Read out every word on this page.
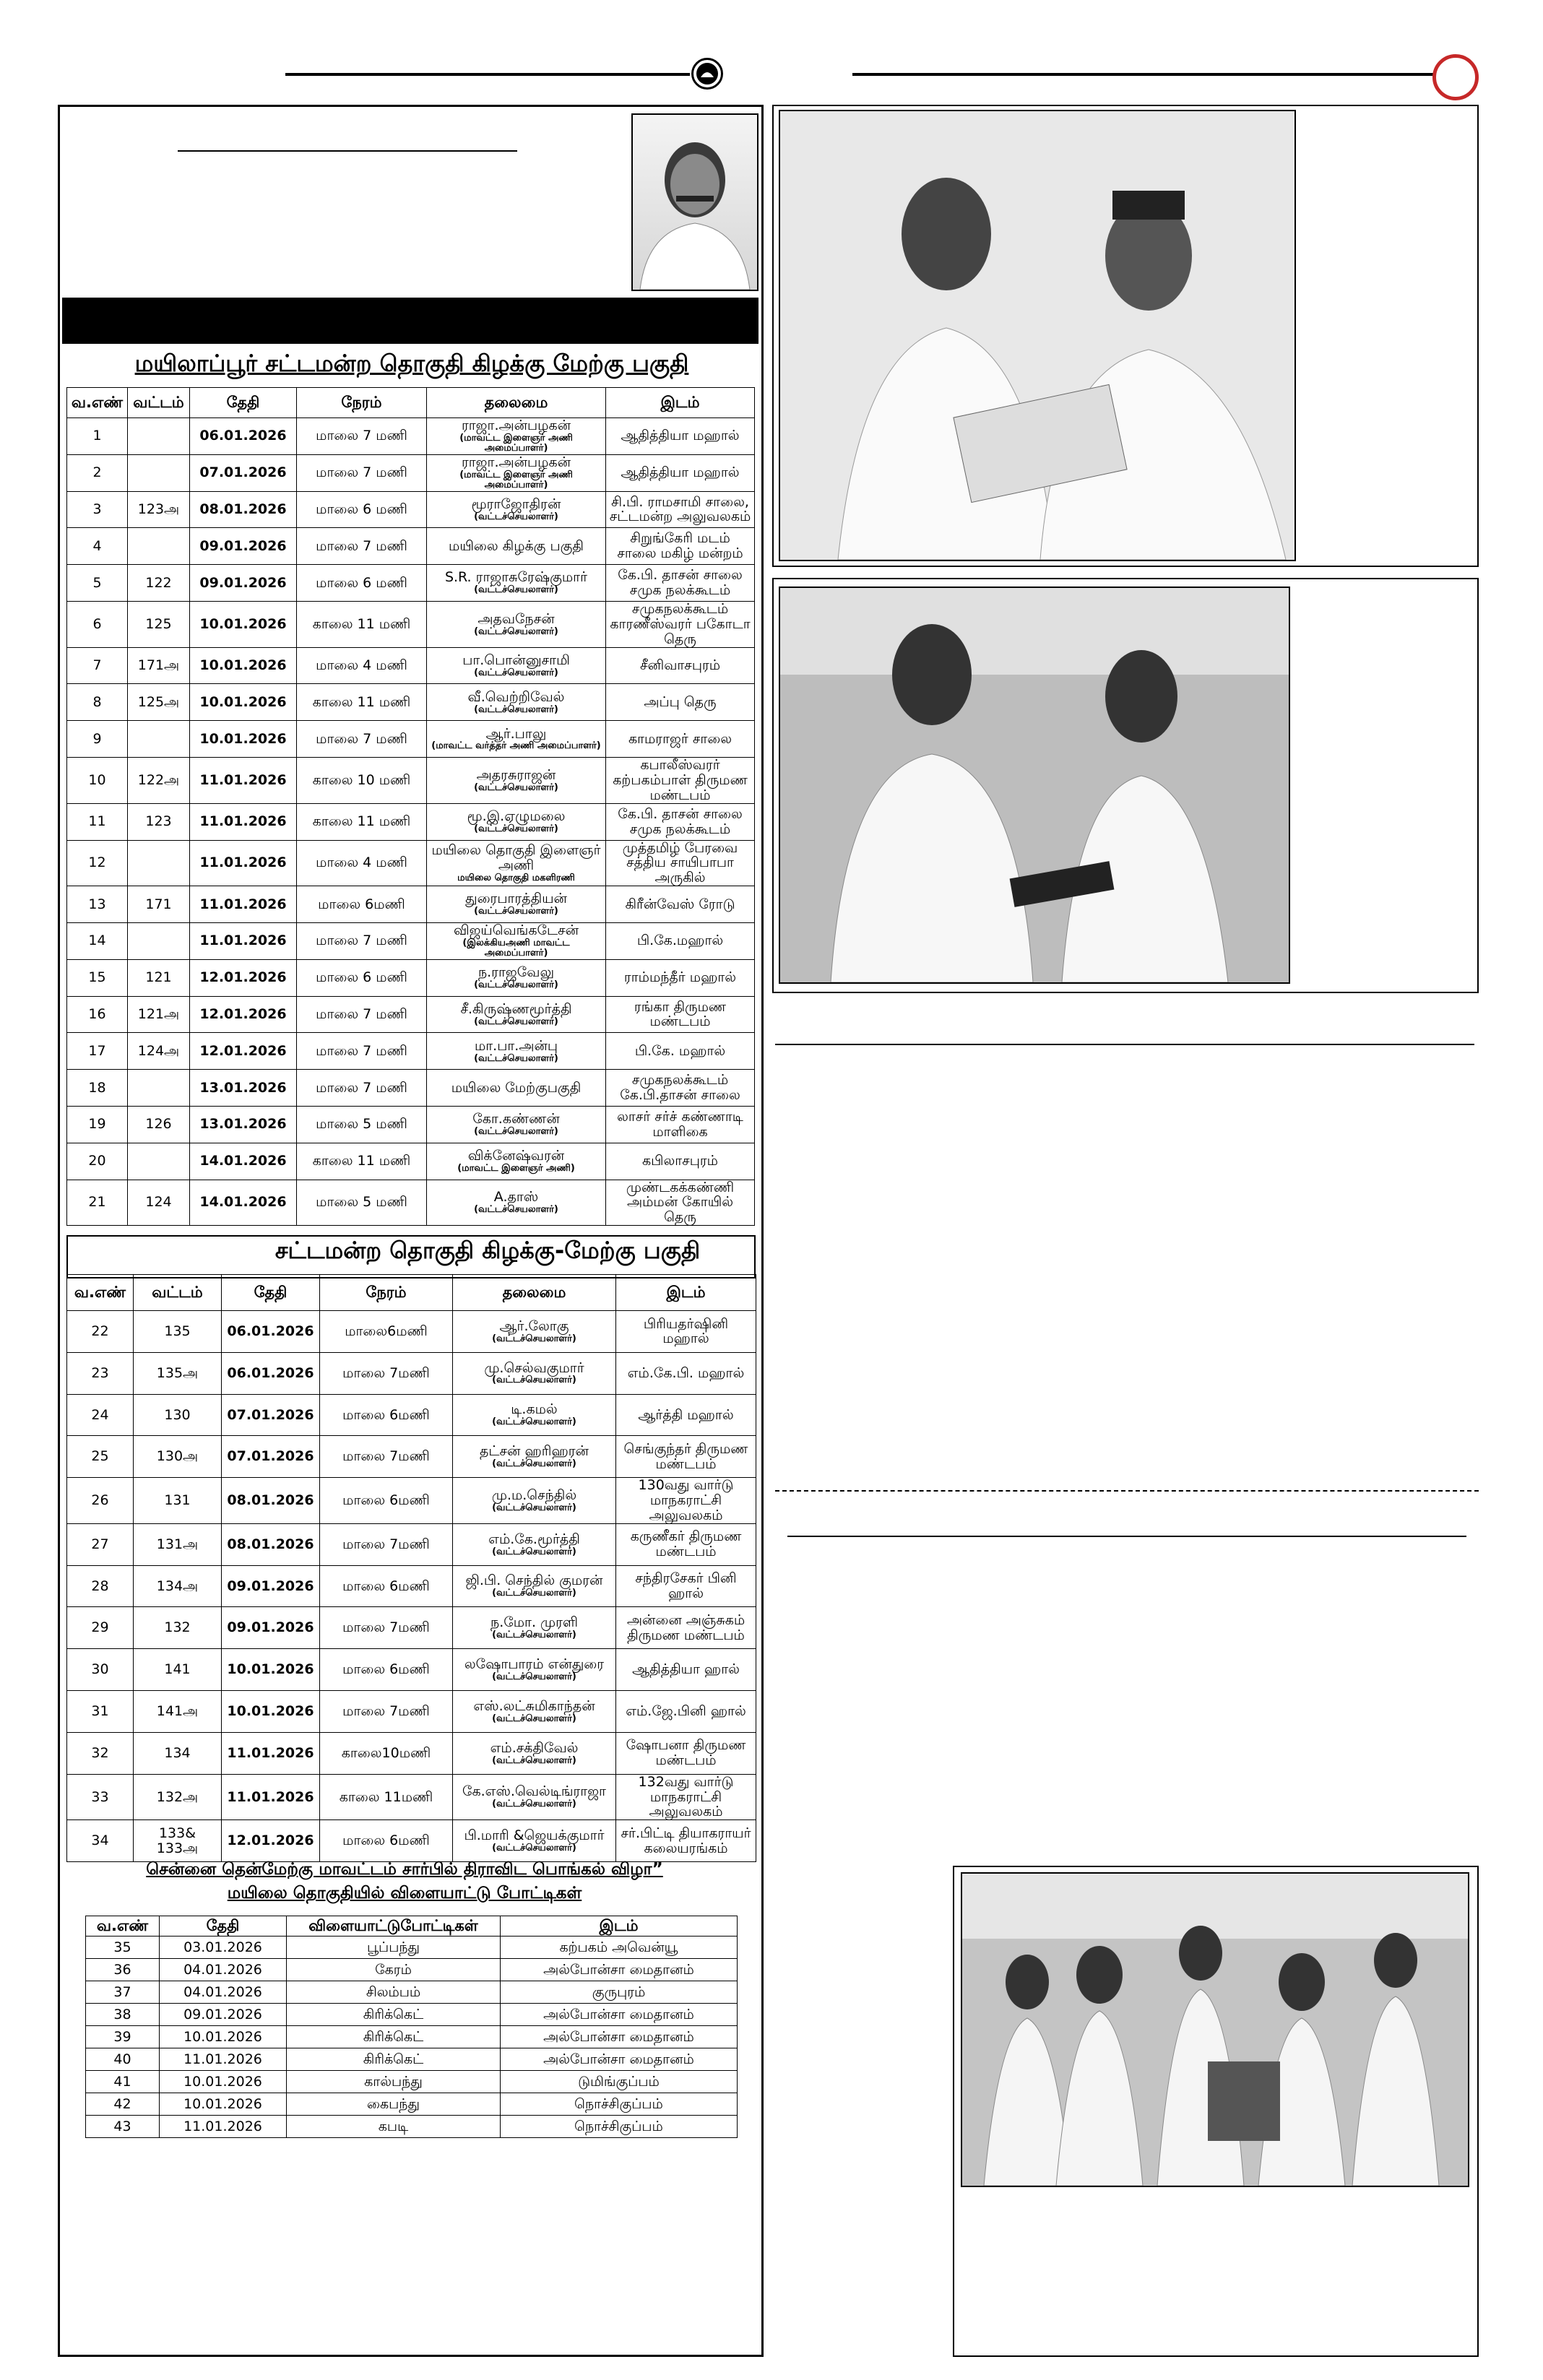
மயிலாப்பூர் சட்டமன்ற தொகுதி கிழக்கு மேற்கு பகுதி
வ.எண்	வட்டம்	தேதி	நேரம்	தலைமை	இடம்
1		06.01.2026	மாலை 7 மணி	ராஜா.அன்பழகன்
(மாவட்ட இளைஞர் அணி அமைப்பாளர்)	ஆதித்தியா மஹால்
2		07.01.2026	மாலை 7 மணி	ராஜா.அன்பழகன்
(மாவட்ட இளைஞர் அணி அமைப்பாளர்)	ஆதித்தியா மஹால்
3	123அ	08.01.2026	மாலை 6 மணி	மூராஜோதிரன்
(வட்டச்செயலாளர்)	சி.பி. ராமசாமி சாலை, சட்டமன்ற அலுவலகம்
4		09.01.2026	மாலை 7 மணி	மயிலை கிழக்கு பகுதி	சிறுங்கேரி மடம் சாலை மகிழ் மன்றம்
5	122	09.01.2026	மாலை 6 மணி	S.R. ராஜாசுரேஷ்குமார்
(வட்டச்செயலாளர்)	கே.பி. தாசன் சாலை சமுக நலக்கூடம்
6	125	10.01.2026	காலை 11 மணி	அதவநேசன்
(வட்டச்செயலாளர்)	சமுகநலக்கூடம் காரணீஸ்வரர் பகோடா தெரு
7	171அ	10.01.2026	மாலை 4 மணி	பா.பொன்னுசாமி
(வட்டச்செயலாளர்)	சீனிவாசபுரம்
8	125அ	10.01.2026	காலை 11 மணி	வீ.வெற்றிவேல்
(வட்டச்செயலாளர்)	அப்பு தெரு
9		10.01.2026	மாலை 7 மணி	ஆர்.பாலு
(மாவட்ட வர்த்தர் அணி அமைப்பாளர்)	காமராஜர் சாலை
10	122அ	11.01.2026	காலை 10 மணி	அதரசுராஜன்
(வட்டச்செயலாளர்)	கபாலீஸ்வரர் கற்பகம்பாள் திருமண மண்டபம்
11	123	11.01.2026	காலை 11 மணி	மூ.இ.ஏழுமலை
(வட்டச்செயலாளர்)	கே.பி. தாசன் சாலை சமுக நலக்கூடம்
12		11.01.2026	மாலை 4 மணி	மயிலை தொகுதி இளைஞர் அணி
மயிலை தொகுதி மகளிரணி	முத்தமிழ் பேரவை சத்திய சாயிபாபா அருகில்
13	171	11.01.2026	மாலை 6மணி	துரைபாரத்தியன்
(வட்டச்செயலாளர்)	கிரீன்வேஸ் ரோடு
14		11.01.2026	மாலை 7 மணி	விஜய்வெங்கடேசன்
(இலக்கியஅணி மாவட்ட அமைப்பாளர்)	பி.கே.மஹால்
15	121	12.01.2026	மாலை 6 மணி	ந.ராஜவேலு
(வட்டச்செயலாளர்)	ராம்மந்தீர் மஹால்
16	121அ	12.01.2026	மாலை 7 மணி	சீ.கிருஷ்ணமூர்த்தி
(வட்டச்செயலாளர்)	ரங்கா திருமண மண்டபம்
17	124அ	12.01.2026	மாலை 7 மணி	மா.பா.அன்பு
(வட்டச்செயலாளர்)	பி.கே. மஹால்
18		13.01.2026	மாலை 7 மணி	மயிலை மேற்குபகுதி	சமுகநலக்கூடம் கே.பி.தாசன் சாலை
19	126	13.01.2026	மாலை 5 மணி	கோ.கண்ணன்
(வட்டச்செயலாளர்)	லாசர் சர்ச் கண்ணாடி மாளிகை
20		14.01.2026	காலை 11 மணி	விக்னேஷ்வரன்
(மாவட்ட இளைஞர் அணி)	கபிலாசபுரம்
21	124	14.01.2026	மாலை 5 மணி	A.தாஸ்
(வட்டச்செயலாளர்)	முண்டகக்கண்ணி அம்மன் கோயில் தெரு
சட்டமன்ற தொகுதி கிழக்கு-மேற்கு பகுதி
வ.எண்	வட்டம்	தேதி	நேரம்	தலைமை	இடம்
22	135	06.01.2026	மாலை6மணி	ஆர்.லோகு
(வட்டச்செயலாளர்)	பிரியதர்ஷினி மஹால்
23	135அ	06.01.2026	மாலை 7மணி	மு.செல்வகுமார்
(வட்டச்செயலாளர்)	எம்.கே.பி. மஹால்
24	130	07.01.2026	மாலை 6மணி	டி.கமல்
(வட்டச்செயலாளர்)	ஆர்த்தி மஹால்
25	130அ	07.01.2026	மாலை 7மணி	தட்சன் ஹரிஹரன்
(வட்டச்செயலாளர்)	செங்குந்தர் திருமண மண்டபம்
26	131	08.01.2026	மாலை 6மணி	மு.ம.செந்தில்
(வட்டச்செயலாளர்)	130வது வார்டு மாநகராட்சி அலுவலகம்
27	131அ	08.01.2026	மாலை 7மணி	எம்.கே.மூர்த்தி
(வட்டச்செயலாளர்)	கருணீகர் திருமண மண்டபம்
28	134அ	09.01.2026	மாலை 6மணி	ஜி.பி. செந்தில் குமரன்
(வட்டச்செயலாளர்)	சந்திரசேகர் பினி ஹால்
29	132	09.01.2026	மாலை 7மணி	ந.மோ. முரளி
(வட்டச்செயலாளர்)	அன்னை அஞ்சுகம் திருமண மண்டபம்
30	141	10.01.2026	மாலை 6மணி	லஷோபாரம் என்துரை
(வட்டச்செயலாளர்)	ஆதித்தியா ஹால்
31	141அ	10.01.2026	மாலை 7மணி	எஸ்.லட்சுமிகாந்தன்
(வட்டச்செயலாளர்)	எம்.ஜே.பினி ஹால்
32	134	11.01.2026	காலை10மணி	எம்.சக்திவேல்
(வட்டச்செயலாளர்)	ஷோபனா திருமண மண்டபம்
33	132அ	11.01.2026	காலை 11மணி	கே.எஸ்.வெல்டிங்ராஜா
(வட்டச்செயலாளர்)	132வது வார்டு மாநகராட்சி அலுவலகம்
34	133& 133அ	12.01.2026	மாலை 6மணி	பி.மாரி &ஜெயக்குமார்
(வட்டச்செயலாளர்)	சர்.பிட்டி தியாகராயர் கலையரங்கம்
சென்னை தென்மேற்கு மாவட்டம் சார்பில் திராவிட பொங்கல் விழா” மயிலை தொகுதியில் விளையாட்டு போட்டிகள்
வ.எண்	தேதி	விளையாட்டுபோட்டிகள்	இடம்
35	03.01.2026	பூப்பந்து	கற்பகம் அவென்யூ
36	04.01.2026	கேரம்	அல்போன்சா மைதானம்
37	04.01.2026	சிலம்பம்	குருபுரம்
38	09.01.2026	கிரிக்கெட்	அல்போன்சா மைதானம்
39	10.01.2026	கிரிக்கெட்	அல்போன்சா மைதானம்
40	11.01.2026	கிரிக்கெட்	அல்போன்சா மைதானம்
41	10.01.2026	கால்பந்து	டுமிங்குப்பம்
42	10.01.2026	கைபந்து	நொச்சிகுப்பம்
43	11.01.2026	கபடி	நொச்சிகுப்பம்
